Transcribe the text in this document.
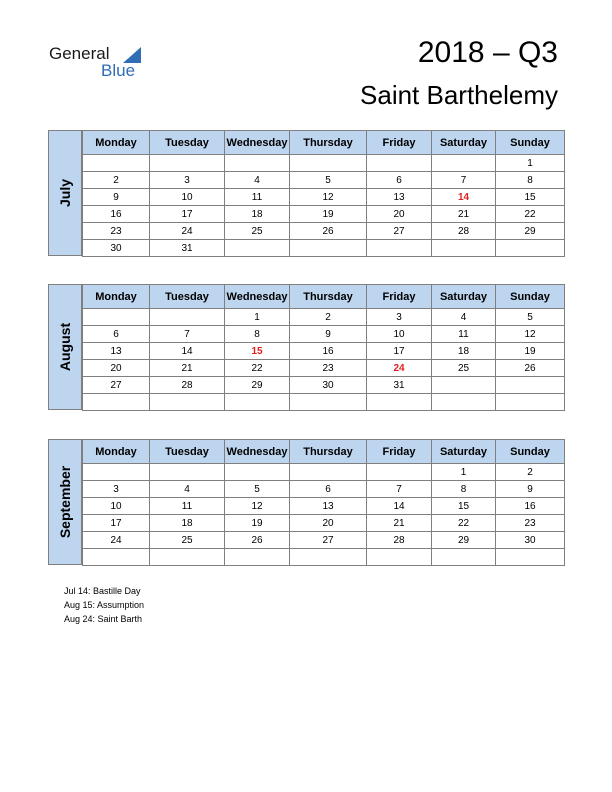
General
Blue
2018 – Q3
Saint Barthelemy
July
Monday	Tuesday	Wednesday	Thursday	Friday	Saturday	Sunday
						1
2	3	4	5	6	7	8
9	10	11	12	13	14	15
16	17	18	19	20	21	22
23	24	25	26	27	28	29
30	31					
August
Monday	Tuesday	Wednesday	Thursday	Friday	Saturday	Sunday
		1	2	3	4	5
6	7	8	9	10	11	12
13	14	15	16	17	18	19
20	21	22	23	24	25	26
27	28	29	30	31		

September
Monday	Tuesday	Wednesday	Thursday	Friday	Saturday	Sunday
					1	2
3	4	5	6	7	8	9
10	11	12	13	14	15	16
17	18	19	20	21	22	23
24	25	26	27	28	29	30

Jul 14: Bastille Day
Aug 15: Assumption
Aug 24: Saint Barth
